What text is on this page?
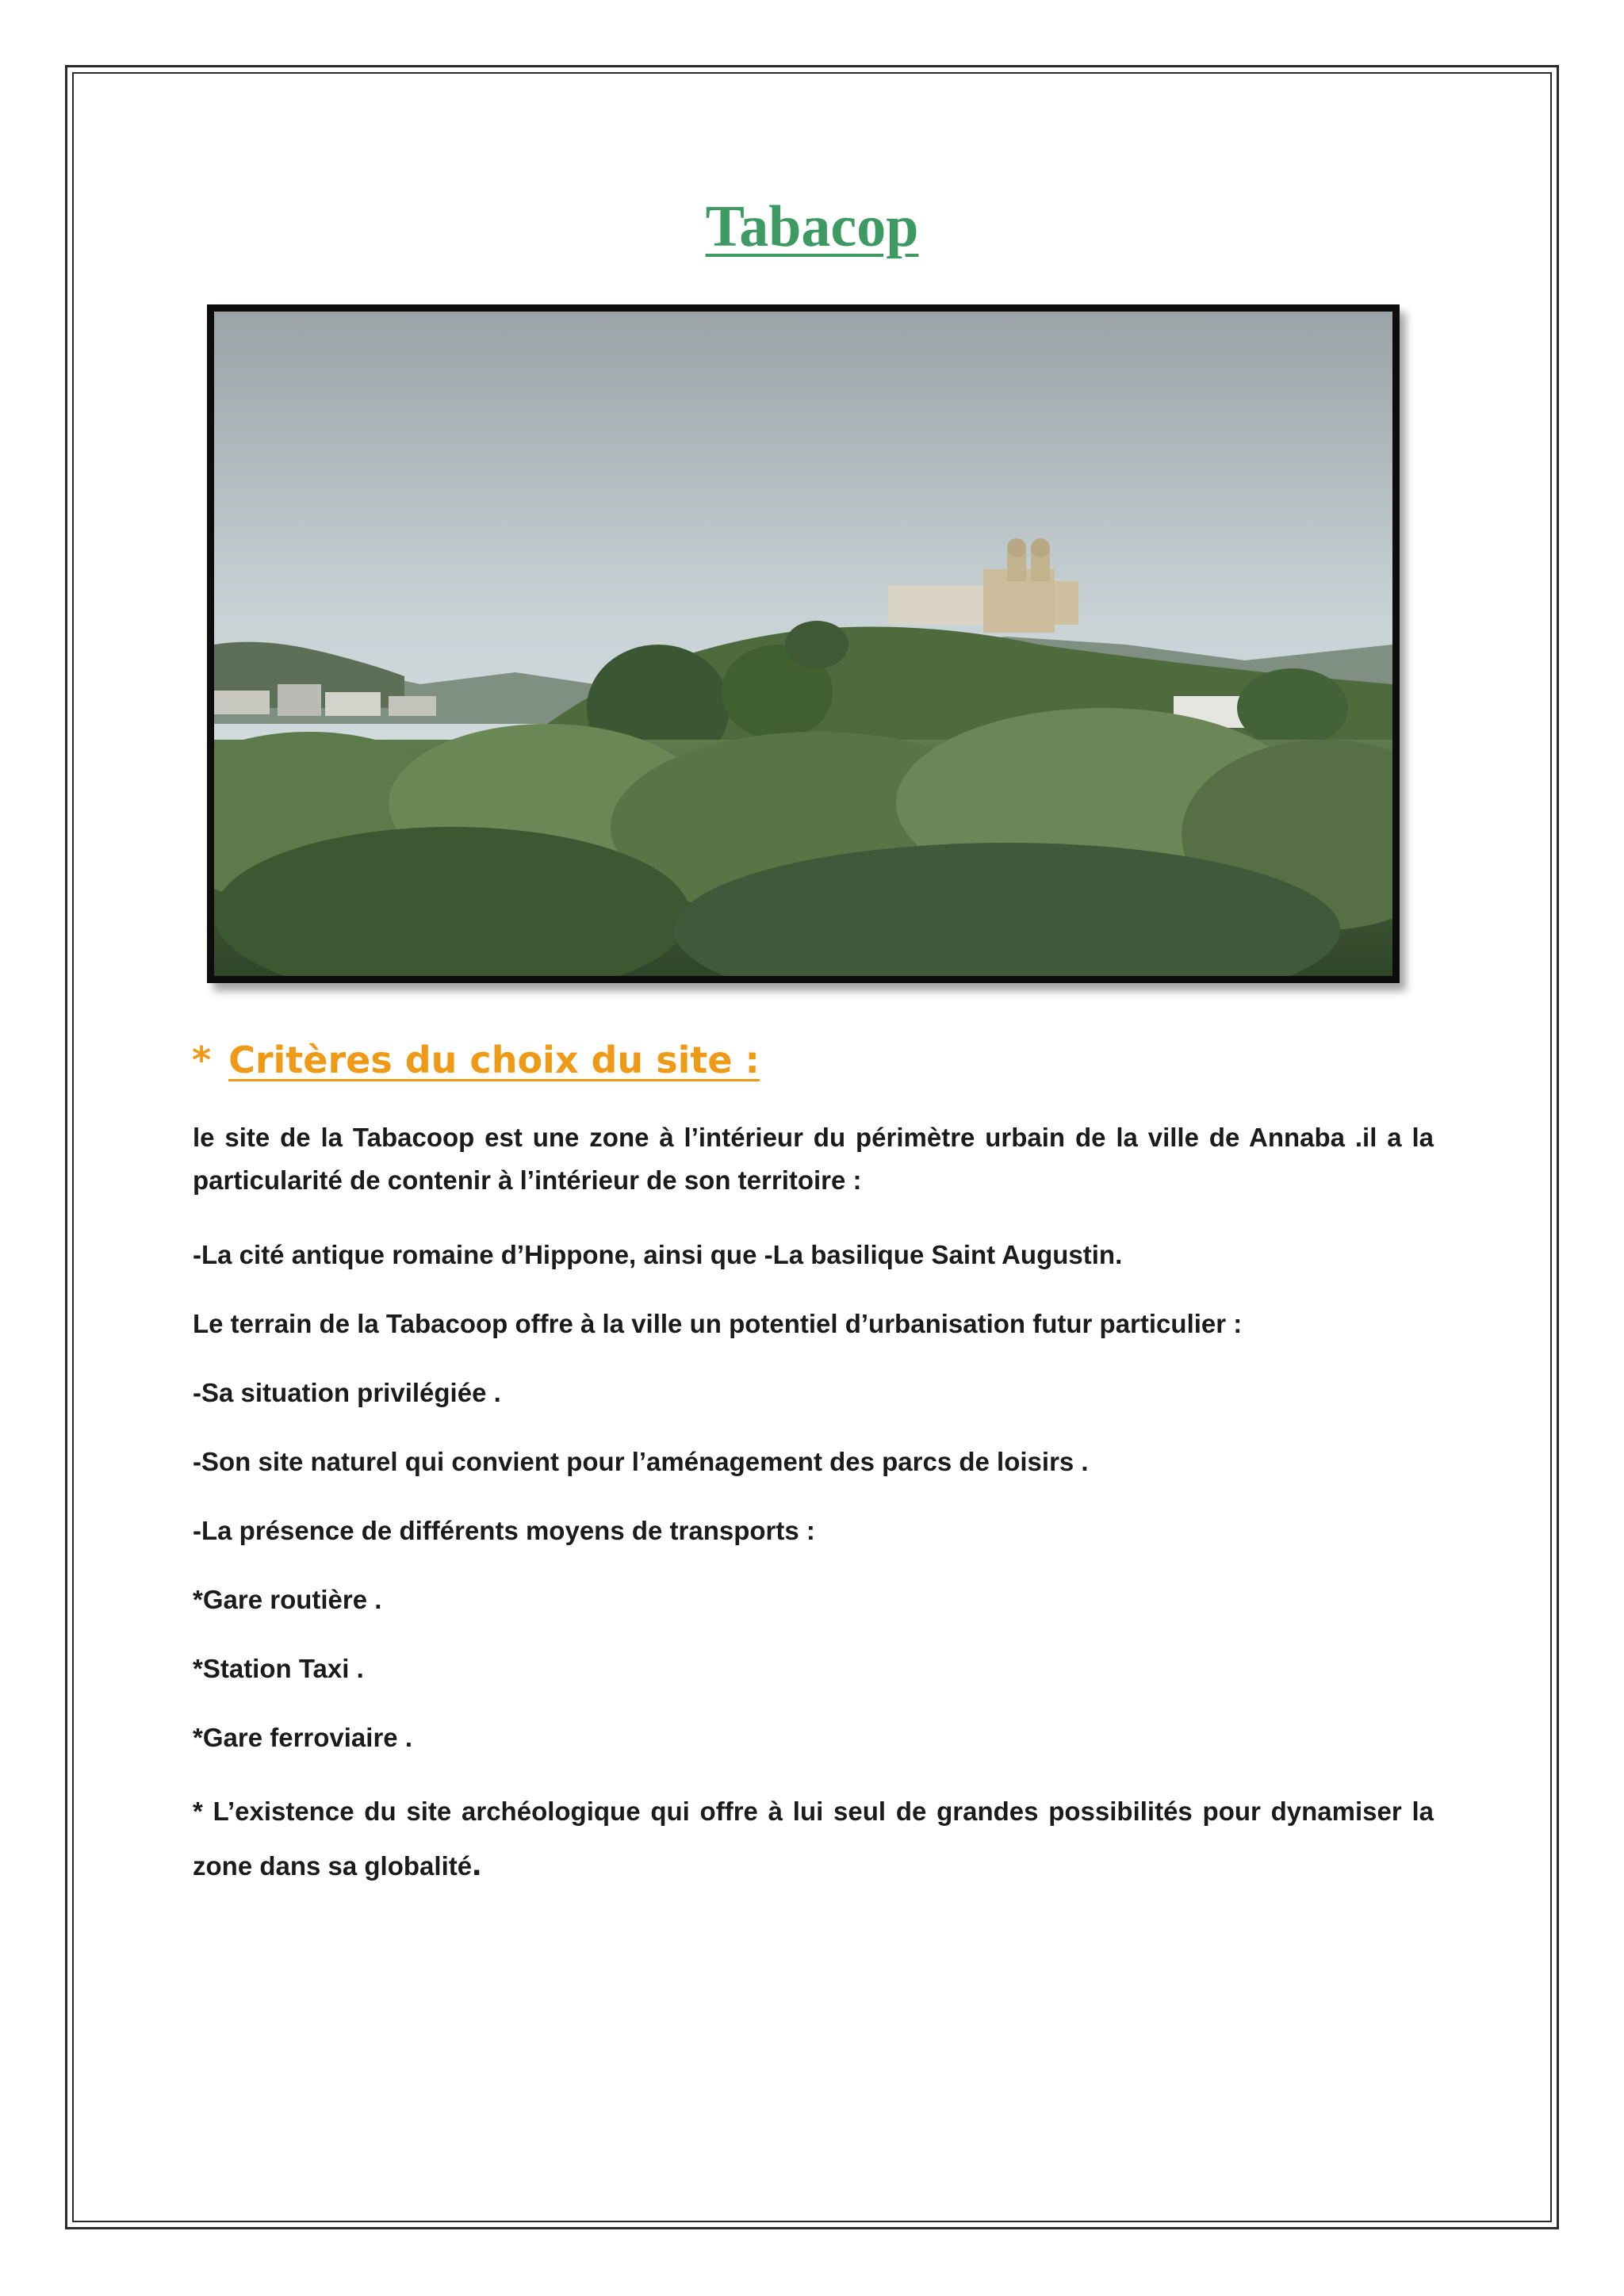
Tabacop
* Critères du choix du site :

le site de la Tabacoop est une zone à l’intérieur du périmètre urbain de la ville de Annaba .il a la particularité de contenir à l’intérieur de son territoire :

-La cité antique romaine d’Hippone, ainsi que -La basilique Saint Augustin.

Le terrain de la Tabacoop offre à la ville un potentiel d’urbanisation futur particulier :

-Sa situation privilégiée .

-Son site naturel qui convient pour l’aménagement des parcs de loisirs .

-La présence de différents moyens de transports :

*Gare routière .

*Station Taxi .

*Gare ferroviaire .

* L’existence du site archéologique qui offre à lui seul de grandes possibilités pour dynamiser la zone dans sa globalité.
